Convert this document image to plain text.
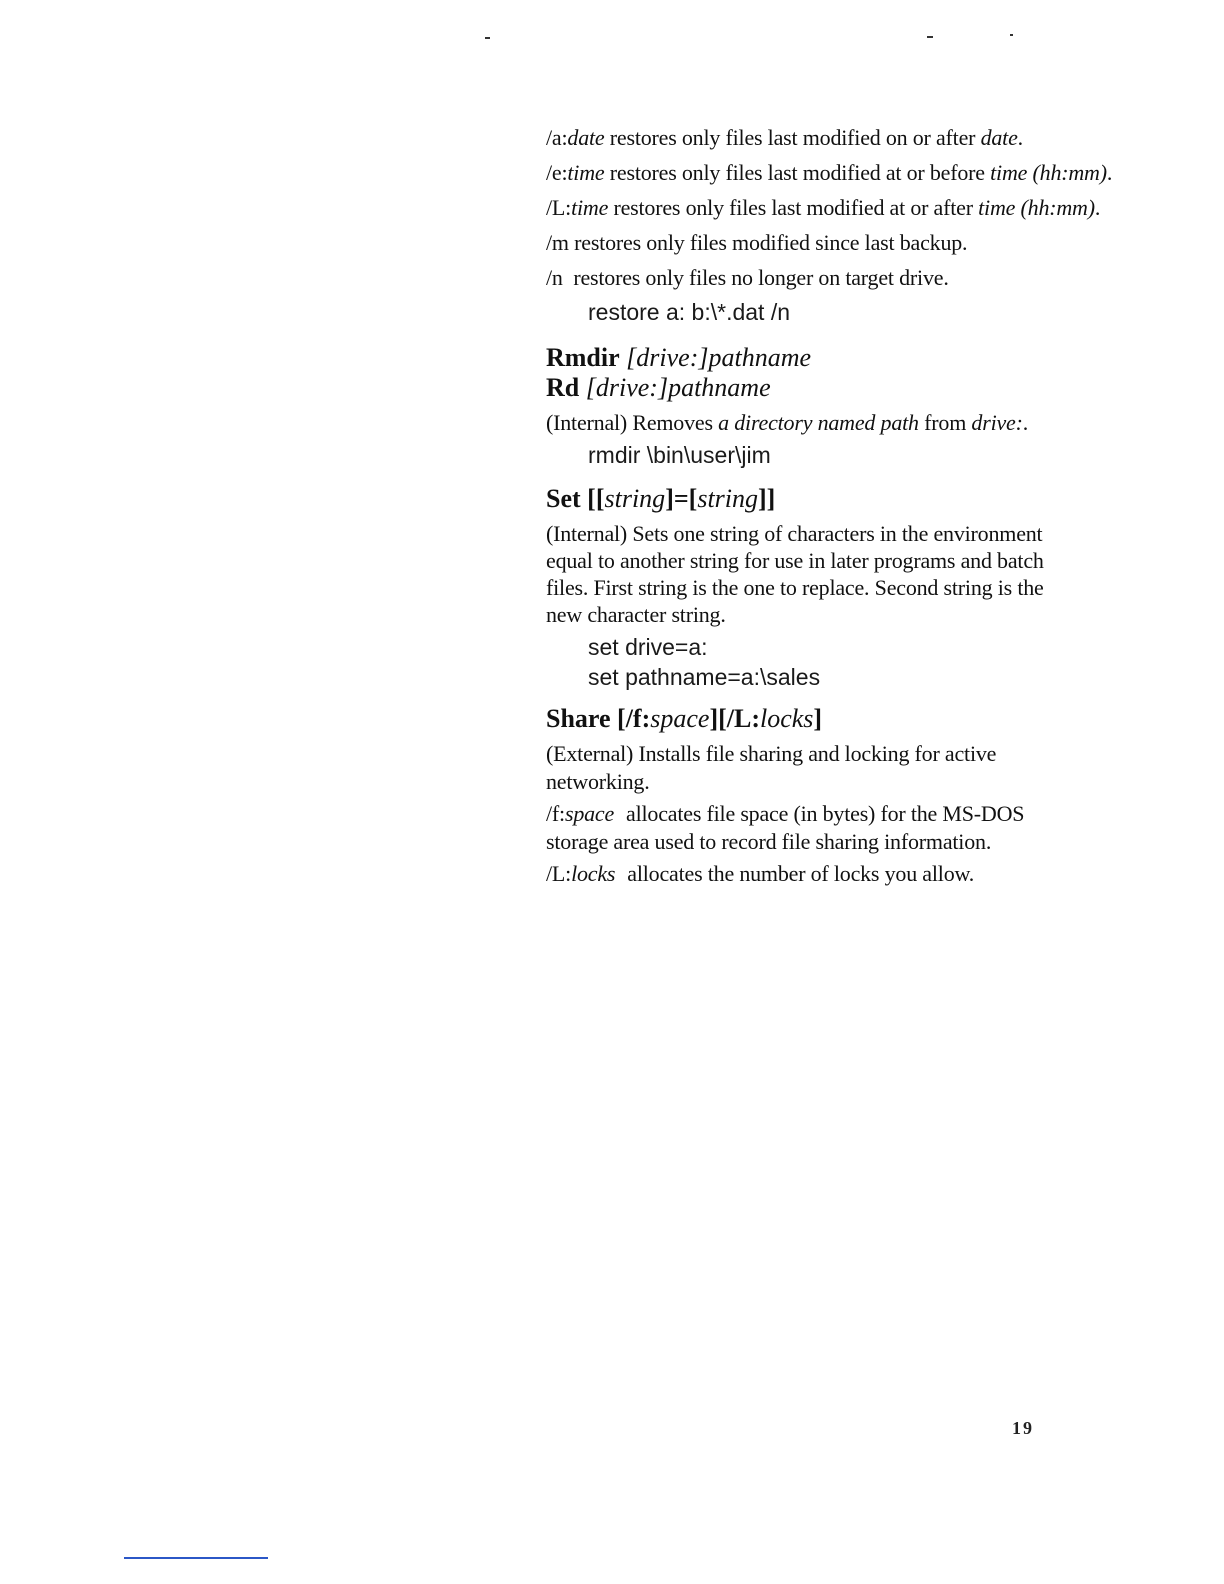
/a:date restores only files last modified on or after date.

/e:time restores only files last modified at or before time (hh:mm).

/L:time restores only files last modified at or after time (hh:mm).

/m restores only files modified since last backup.

/n  restores only files no longer on target drive.

restore a: b:\*.dat /n

Rmdir [drive:]pathname
Rd [drive:]pathname

(Internal) Removes a directory named path from drive:.

rmdir \bin\user\jim

Set [[string]=[string]]

(Internal) Sets one string of characters in the environment equal to another string for use in later programs and batch files. First string is the one to replace. Second string is the new character string.

set drive=a:

set pathname=a:\sales

Share [/f:space][/L:locks]

(External) Installs file sharing and locking for active networking.

/f:space allocates file space (in bytes) for the MS-DOS storage area used to record file sharing information.

/L:locks allocates the number of locks you allow.

19
